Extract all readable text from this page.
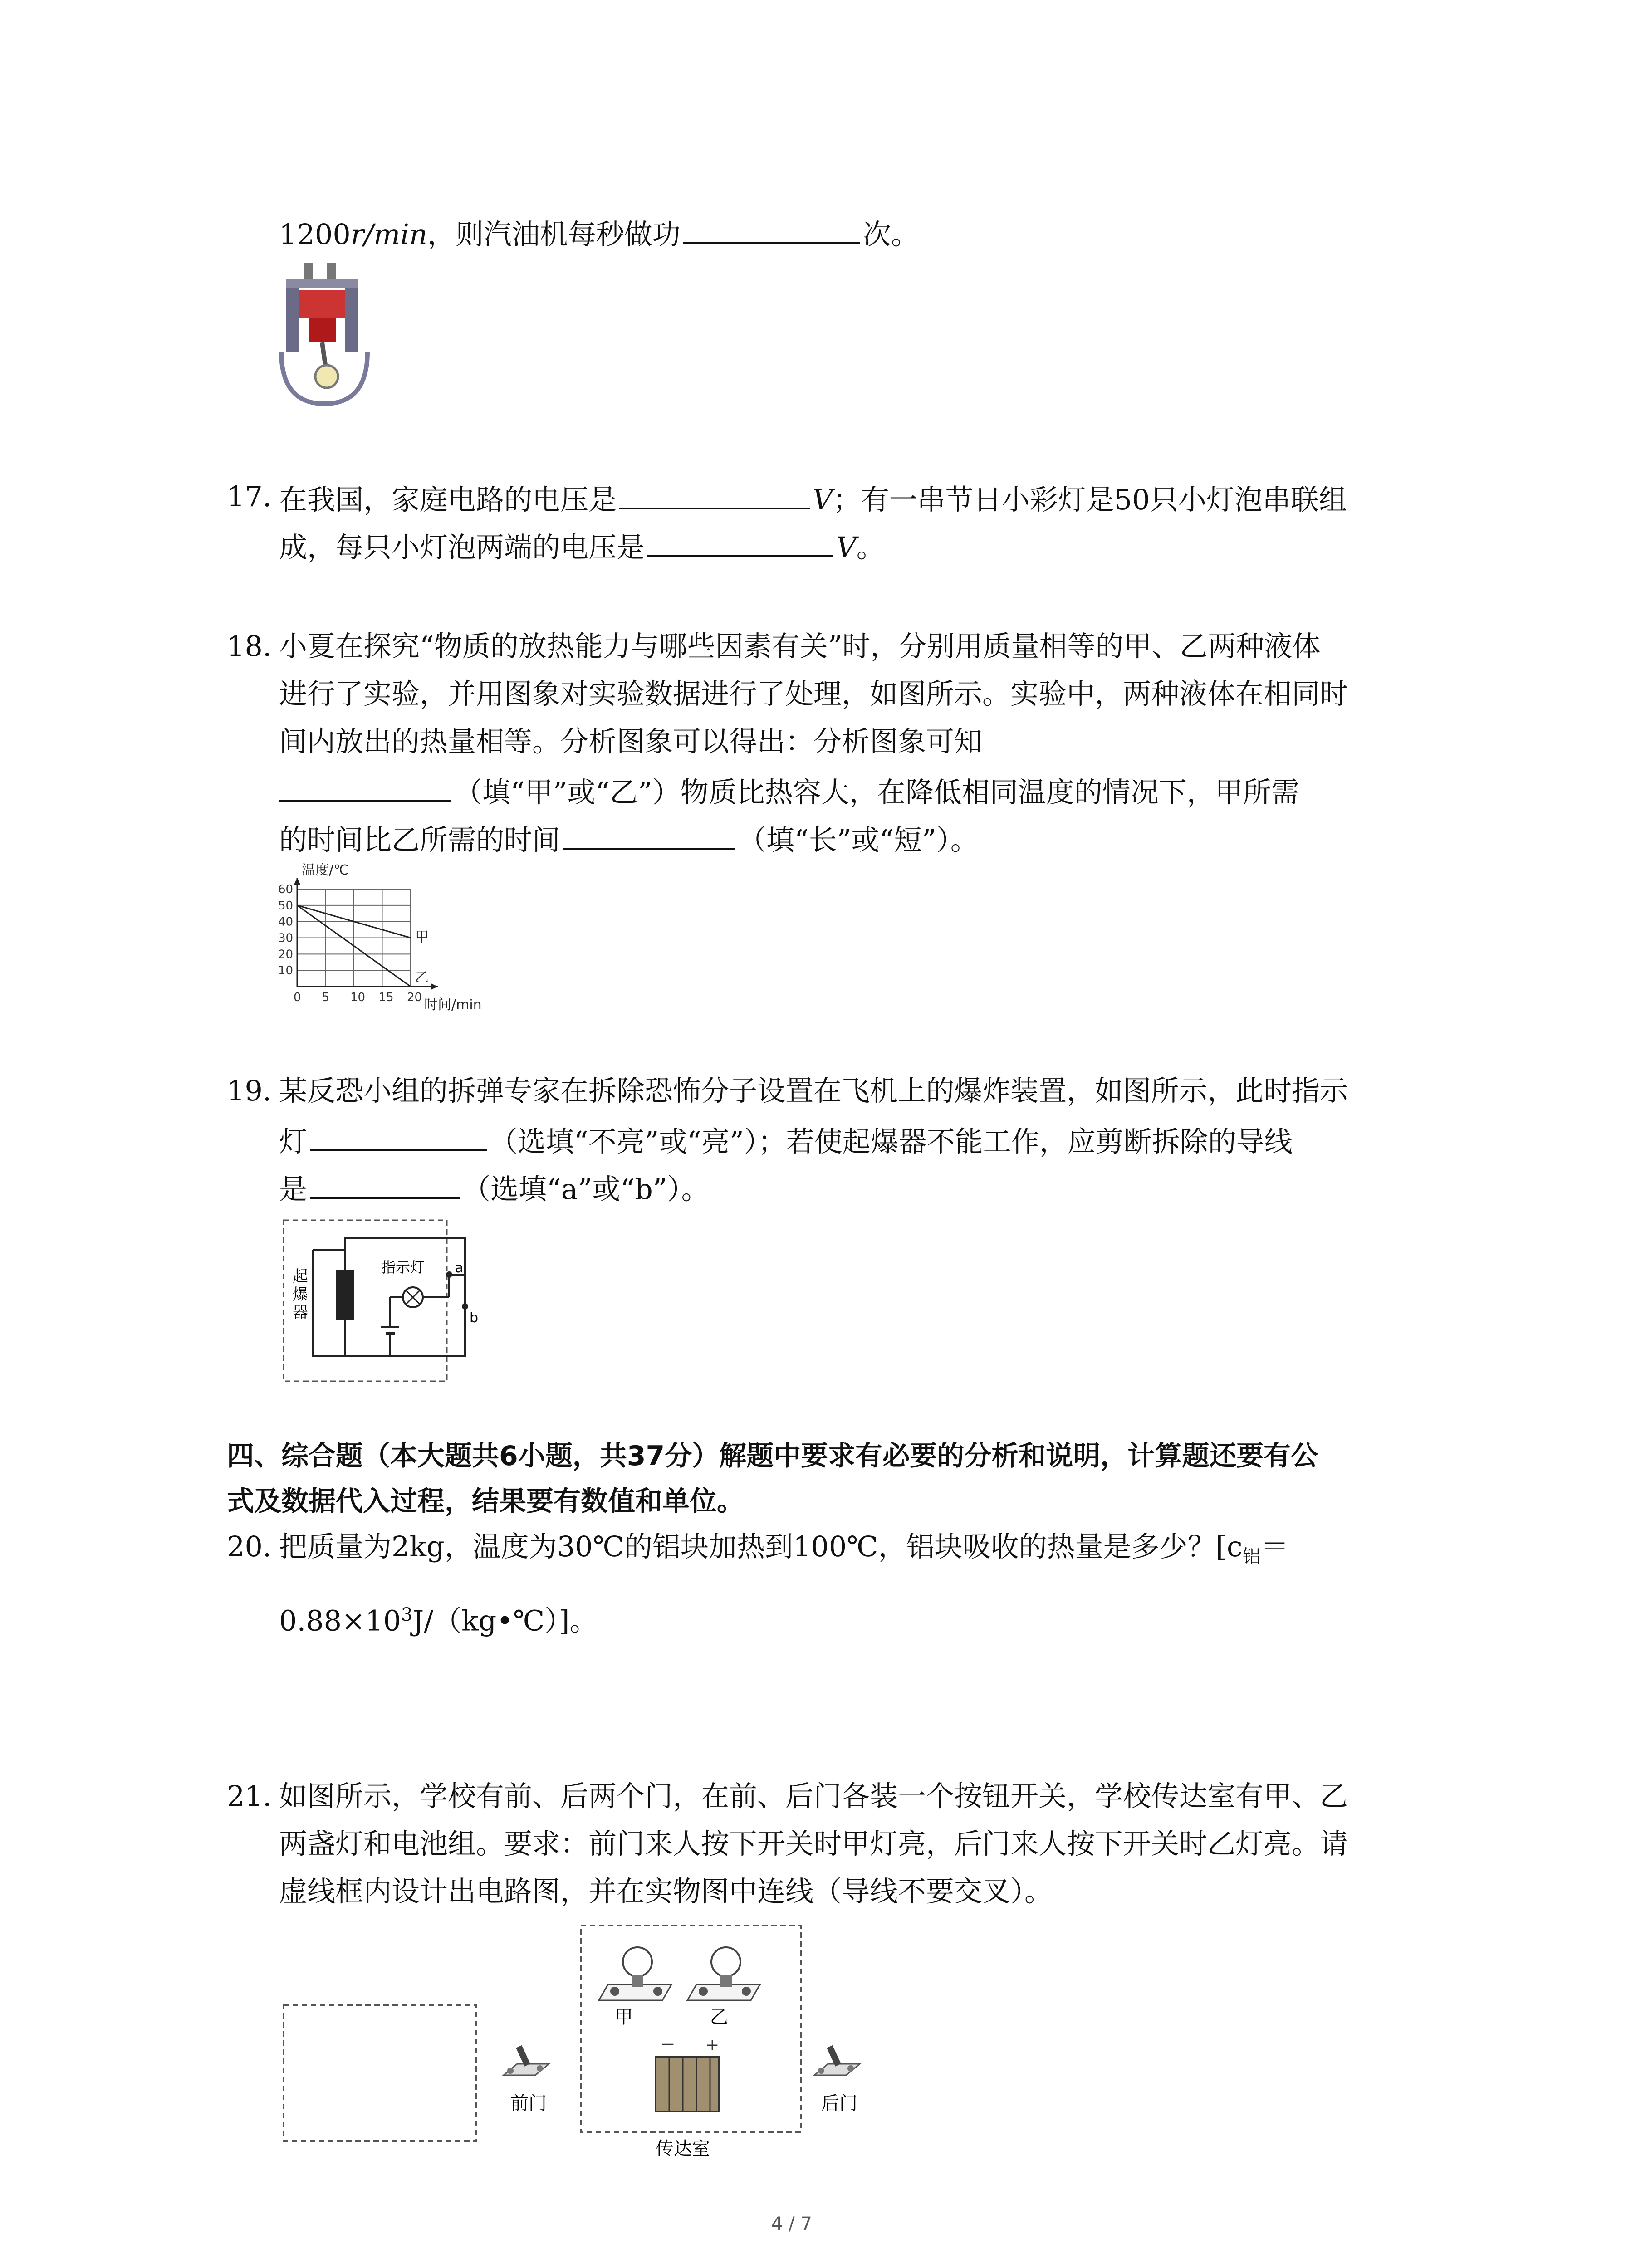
1200r/min，则汽油机每秒做功	次。
17. 在我国，家庭电路的电压是	V；有一串节日小彩灯是50只小灯泡串联组
成，每只小灯泡两端的电压是	V。
18. 小夏在探究“物质的放热能力与哪些因素有关”时，分别用质量相等的甲、乙两种液体
进行了实验，并用图象对实验数据进行了处理，如图所示。实验中，两种液体在相同时
间内放出的热量相等。分析图象可以得出：分析图象可知
（填“甲”或“乙”）物质比热容大，在降低相同温度的情况下，甲所需
的时间比乙所需的时间	（填“长”或“短”）。
0 5 10 15 20
10
20
30
40
50
60
温度/℃
时间/min
甲
乙
19. 某反恐小组的拆弹专家在拆除恐怖分子设置在飞机上的爆炸装置，如图所示，此时指示
灯	（选填“不亮”或“亮”）；若使起爆器不能工作，应剪断拆除的导线
是	（选填“a”或“b”）。
起
爆
器
指示灯 a
b
四、综合题（本大题共6小题，共37分）解题中要求有必要的分析和说明，计算题还要有公
式及数据代入过程，结果要有数值和单位。
20. 把质量为2kg，温度为30℃的铝块加热到100℃，铝块吸收的热量是多少？[$c_铝=$
$0.88\times 10^3J/(kg•℃)$]。
21. 如图所示，学校有前、后两个门，在前、后门各装一个按钮开关，学校传达室有甲、乙
两盏灯和电池组。要求：前门来人按下开关时甲灯亮，后门来人按下开关时乙灯亮。请
虚线框内设计出电路图，并在实物图中连线（导线不要交叉）。
前门
甲	乙
− +
传达室
后门
4 / 7
